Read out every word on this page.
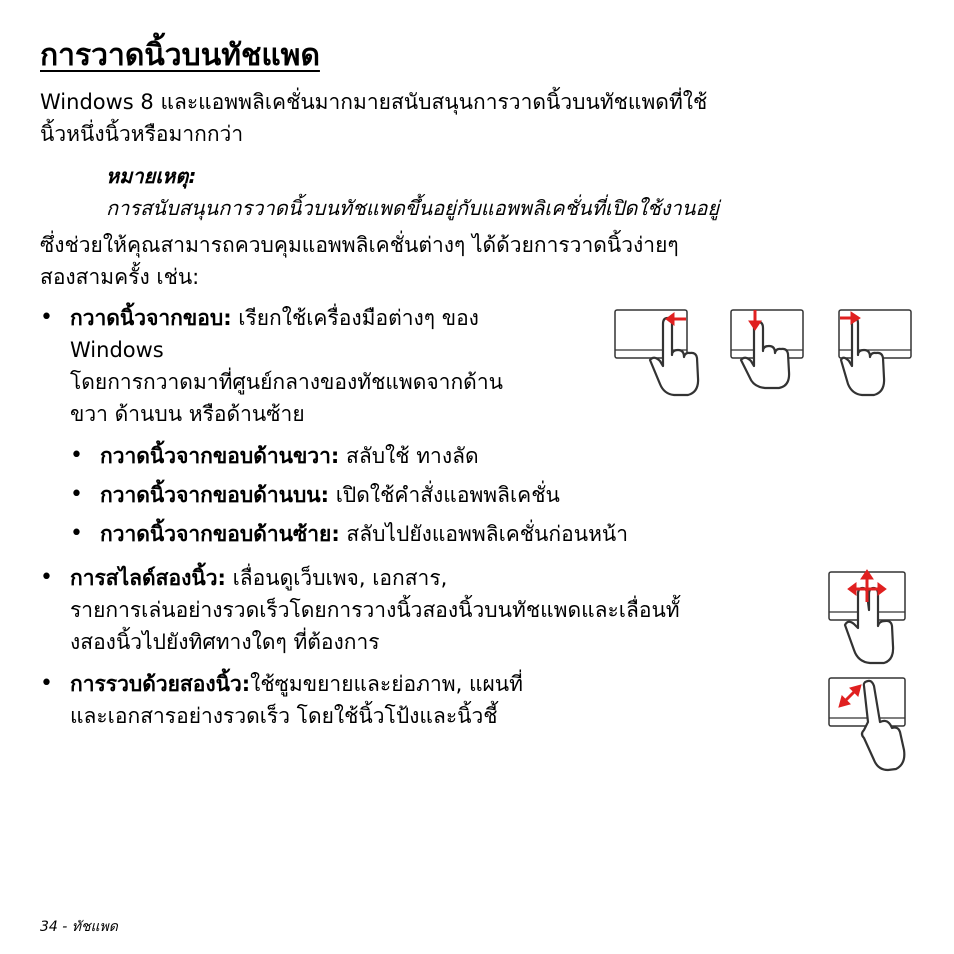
การวาดนิ้วบนทัชแพด
Windows 8 และแอพพลิเคชั่นมากมายสนับสนุนการวาดนิ้วบนทัชแพดที่ใช้
นิ้วหนึ่งนิ้วหรือมากกว่า
หมายเหตุ:
การสนับสนุนการวาดนิ้วบนทัชแพดขึ้นอยู่กับแอพพลิเคชั่นที่เปิดใช้งานอยู่
ซึ่งช่วยให้คุณสามารถควบคุมแอพพลิเคชั่นต่างๆ ได้ด้วยการวาดนิ้วง่ายๆ
สองสามครั้ง เช่น:
• กวาดนิ้วจากขอบ: เรียกใช้เครื่องมือต่างๆ ของ
Windows
โดยการกวาดมาที่ศูนย์กลางของทัชแพดจากด้าน
ขวา ด้านบน หรือด้านซ้าย
• กวาดนิ้วจากขอบด้านขวา: สลับใช้ ทางลัด
• กวาดนิ้วจากขอบด้านบน: เปิดใช้คำสั่งแอพพลิเคชั่น
• กวาดนิ้วจากขอบด้านซ้าย: สลับไปยังแอพพลิเคชั่นก่อนหน้า
• การสไลด์สองนิ้ว: เลื่อนดูเว็บเพจ, เอกสาร,
รายการเล่นอย่างรวดเร็วโดยการวางนิ้วสองนิ้วบนทัชแพดและเลื่อนทั้
งสองนิ้วไปยังทิศทางใดๆ ที่ต้องการ
• การรวบด้วยสองนิ้ว:ใช้ซูมขยายและย่อภาพ, แผนที่
และเอกสารอย่างรวดเร็ว โดยใช้นิ้วโป้งและนิ้วชี้
34 - ทัชแพด
